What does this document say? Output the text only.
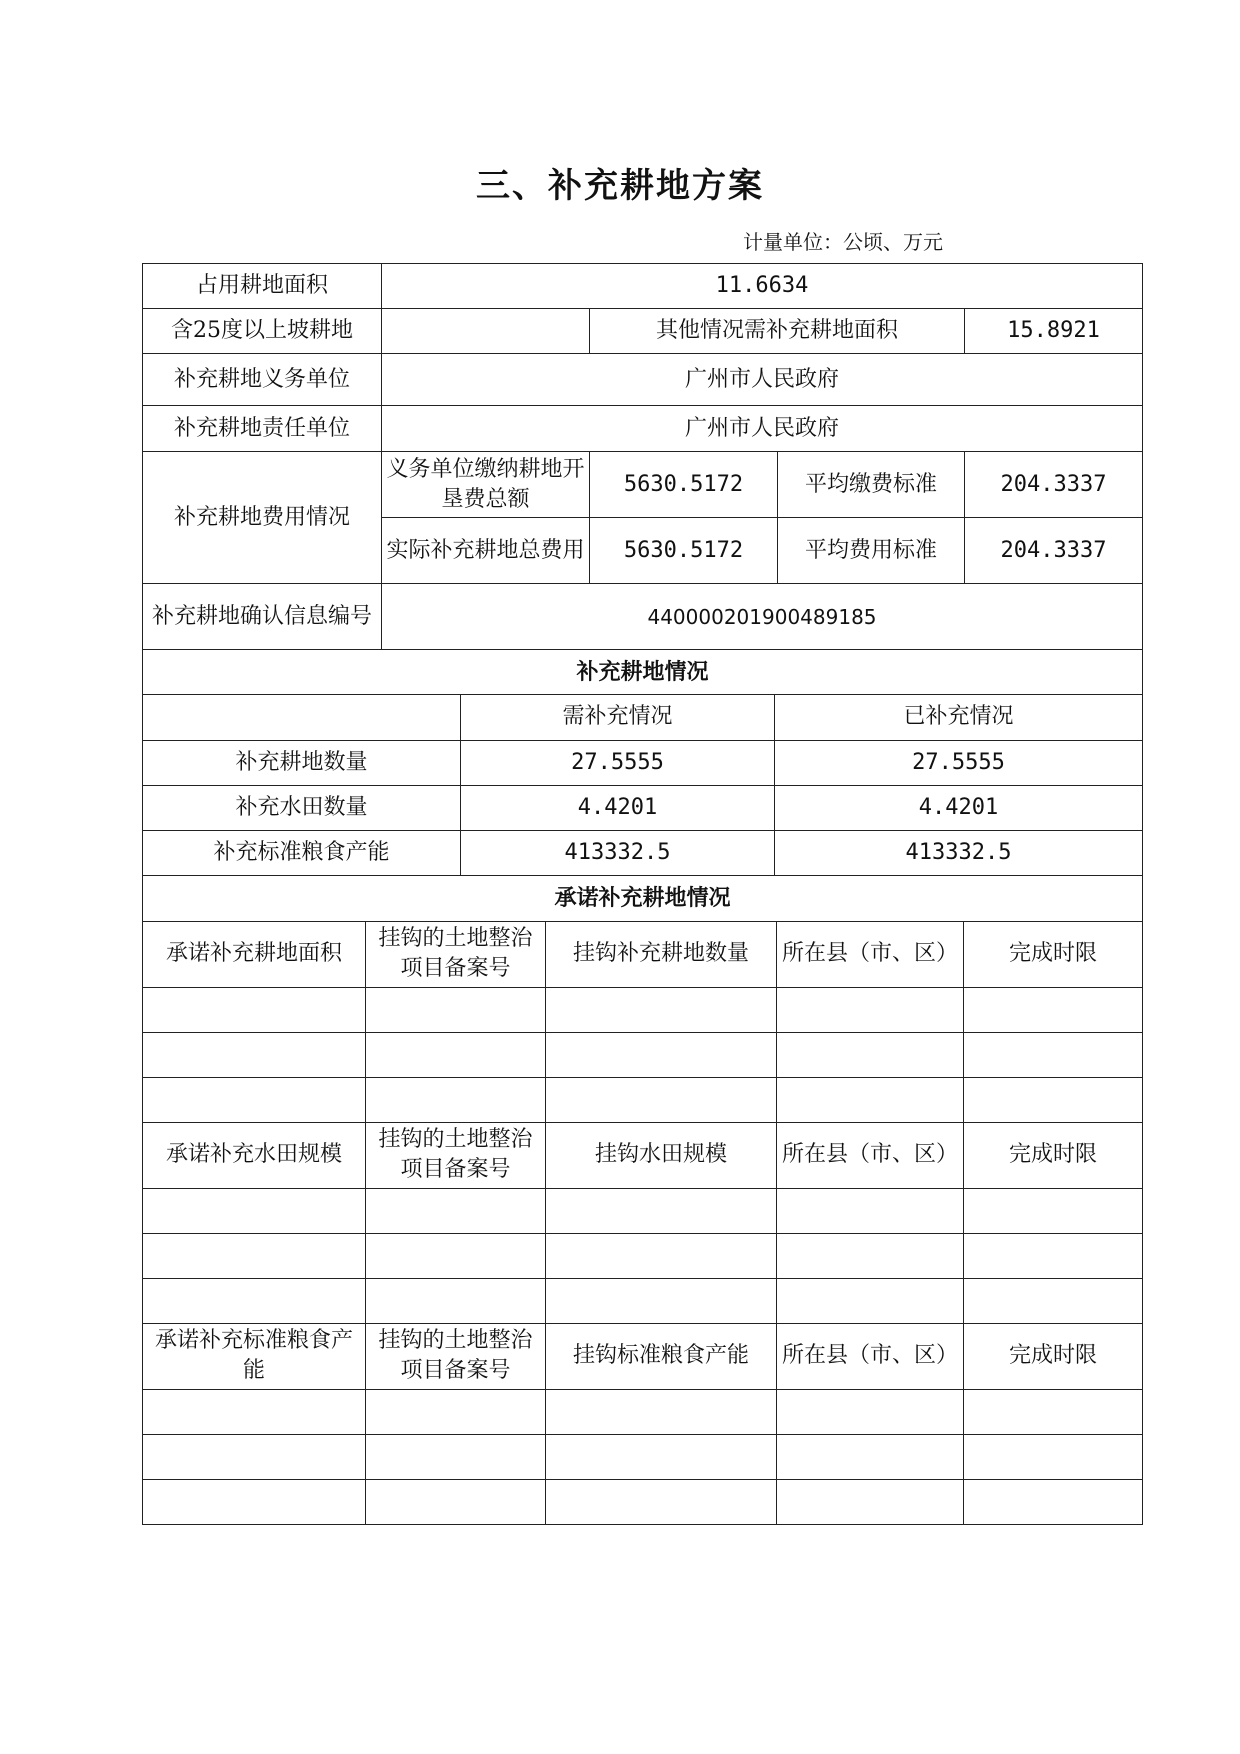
三、补充耕地方案
计量单位：公顷、万元
占用耕地面积	11.6634			
含25度以上坡耕地		其他情况需补充耕地面积		15.8921
补充耕地义务单位	广州市人民政府			
补充耕地责任单位	广州市人民政府			
补充耕地费用情况	义务单位缴纳耕地开垦费总额	5630.5172	平均缴费标准	204.3337
	实际补充耕地总费用	5630.5172	平均费用标准	204.3337
补充耕地确认信息编号	440000201900489185			
补充耕地情况				
	需补充情况	已补充情况
补充耕地数量	27.5555	27.5555
补充水田数量	4.4201	4.4201
补充标准粮食产能	413332.5	413332.5
承诺补充耕地情况		
承诺补充耕地面积	挂钩的土地整治项目备案号	挂钩补充耕地数量	所在县（市、区）	完成时限

承诺补充水田规模	挂钩的土地整治项目备案号	挂钩水田规模	所在县（市、区）	完成时限

承诺补充标准粮食产能	挂钩的土地整治项目备案号	挂钩标准粮食产能	所在县（市、区）	完成时限
